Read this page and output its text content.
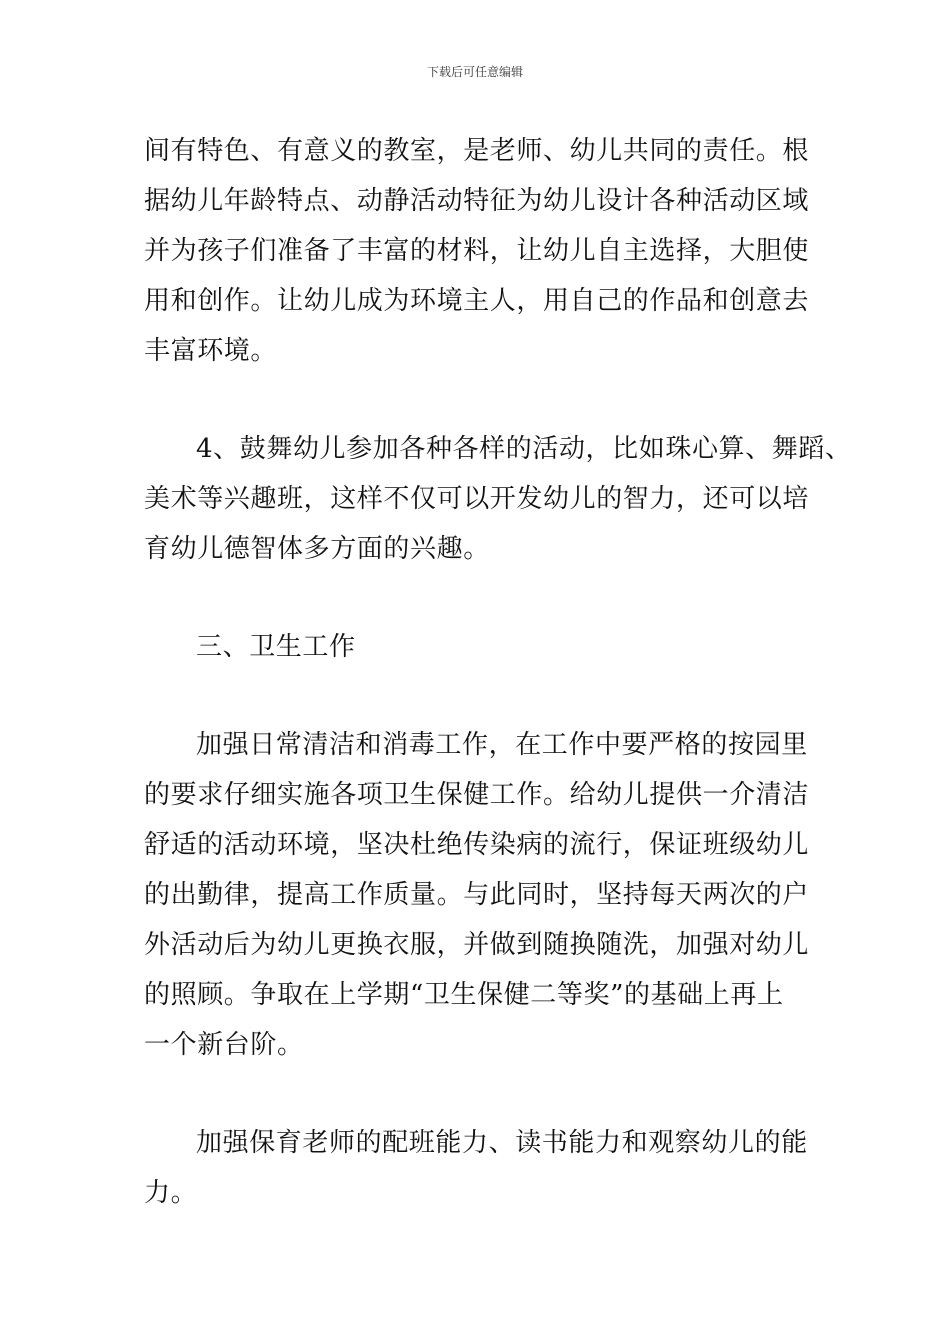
下载后可任意编辑

间有特色、有意义的教室，是老师、幼儿共同的责任。根
据幼儿年龄特点、动静活动特征为幼儿设计各种活动区域
并为孩子们准备了丰富的材料，让幼儿自主选择，大胆使
用和创作。让幼儿成为环境主人，用自己的作品和创意去
丰富环境。

4、鼓舞幼儿参加各种各样的活动，比如珠心算、舞蹈、
美术等兴趣班，这样不仅可以开发幼儿的智力，还可以培
育幼儿德智体多方面的兴趣。

三、卫生工作

加强日常清洁和消毒工作，在工作中要严格的按园里
的要求仔细实施各项卫生保健工作。给幼儿提供一介清洁
舒适的活动环境，坚决杜绝传染病的流行，保证班级幼儿
的出勤律，提高工作质量。与此同时，坚持每天两次的户
外活动后为幼儿更换衣服，并做到随换随洗，加强对幼儿
的照顾。争取在上学期“卫生保健二等奖”的基础上再上
一个新台阶。

加强保育老师的配班能力、读书能力和观察幼儿的能
力。
